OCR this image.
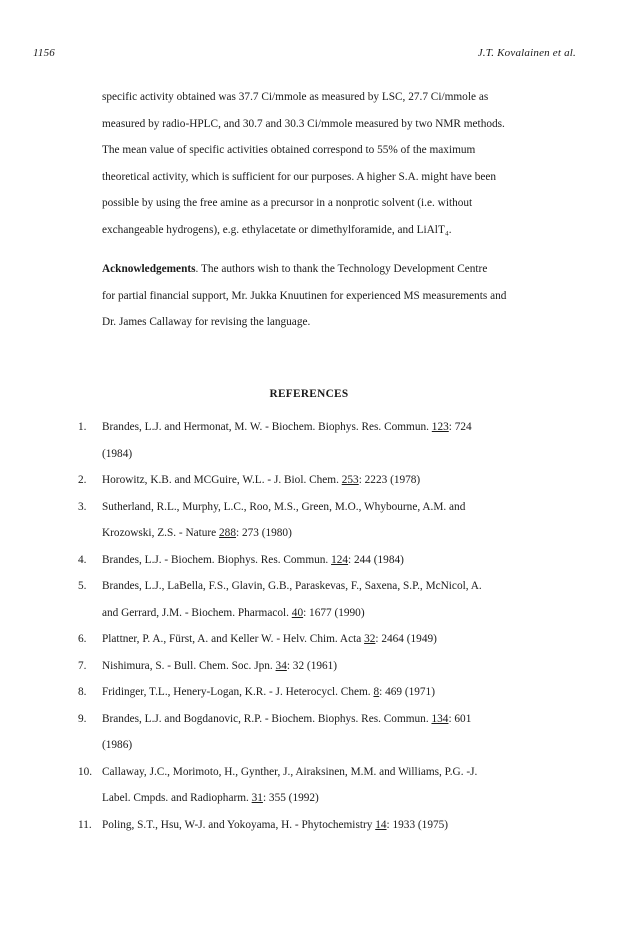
1156	J.T. Kovalainen et al.
specific activity obtained was 37.7 Ci/mmole as measured by LSC, 27.7 Ci/mmole as
measured by radio-HPLC, and 30.7 and 30.3 Ci/mmole measured by two NMR methods.
The mean value of specific activities obtained correspond to 55% of the maximum
theoretical activity, which is sufficient for our purposes. A higher S.A. might have been
possible by using the free amine as a precursor in a nonprotic solvent (i.e. without
exchangeable hydrogens), e.g. ethylacetate or dimethylforamide, and LiAlT₄.
Acknowledgements. The authors wish to thank the Technology Development Centre
for partial financial support, Mr. Jukka Knuutinen for experienced MS measurements and
Dr. James Callaway for revising the language.
REFERENCES
1.	Brandes, L.J. and Hermonat, M. W. - Biochem. Biophys. Res. Commun. 123: 724
(1984)
2.	Horowitz, K.B. and MCGuire, W.L. - J. Biol. Chem. 253: 2223 (1978)
3.	Sutherland, R.L., Murphy, L.C., Roo, M.S., Green, M.O., Whybourne, A.M. and
Krozowski, Z.S. - Nature 288: 273 (1980)
4.	Brandes, L.J. - Biochem. Biophys. Res. Commun. 124: 244 (1984)
5.	Brandes, L.J., LaBella, F.S., Glavin, G.B., Paraskevas, F., Saxena, S.P., McNicol, A.
and Gerrard, J.M. - Biochem. Pharmacol. 40: 1677 (1990)
6.	Plattner, P. A., Fürst, A. and Keller W. - Helv. Chim. Acta 32: 2464 (1949)
7.	Nishimura, S. - Bull. Chem. Soc. Jpn. 34: 32 (1961)
8.	Fridinger, T.L., Henery-Logan, K.R. - J. Heterocycl. Chem. 8: 469 (1971)
9.	Brandes, L.J. and Bogdanovic, R.P. - Biochem. Biophys. Res. Commun. 134: 601
(1986)
10. Callaway, J.C., Morimoto, H., Gynther, J., Airaksinen, M.M. and Williams, P.G. -J.
Label. Cmpds. and Radiopharm. 31: 355 (1992)
11. Poling, S.T., Hsu, W-J. and Yokoyama, H. - Phytochemistry 14: 1933 (1975)
